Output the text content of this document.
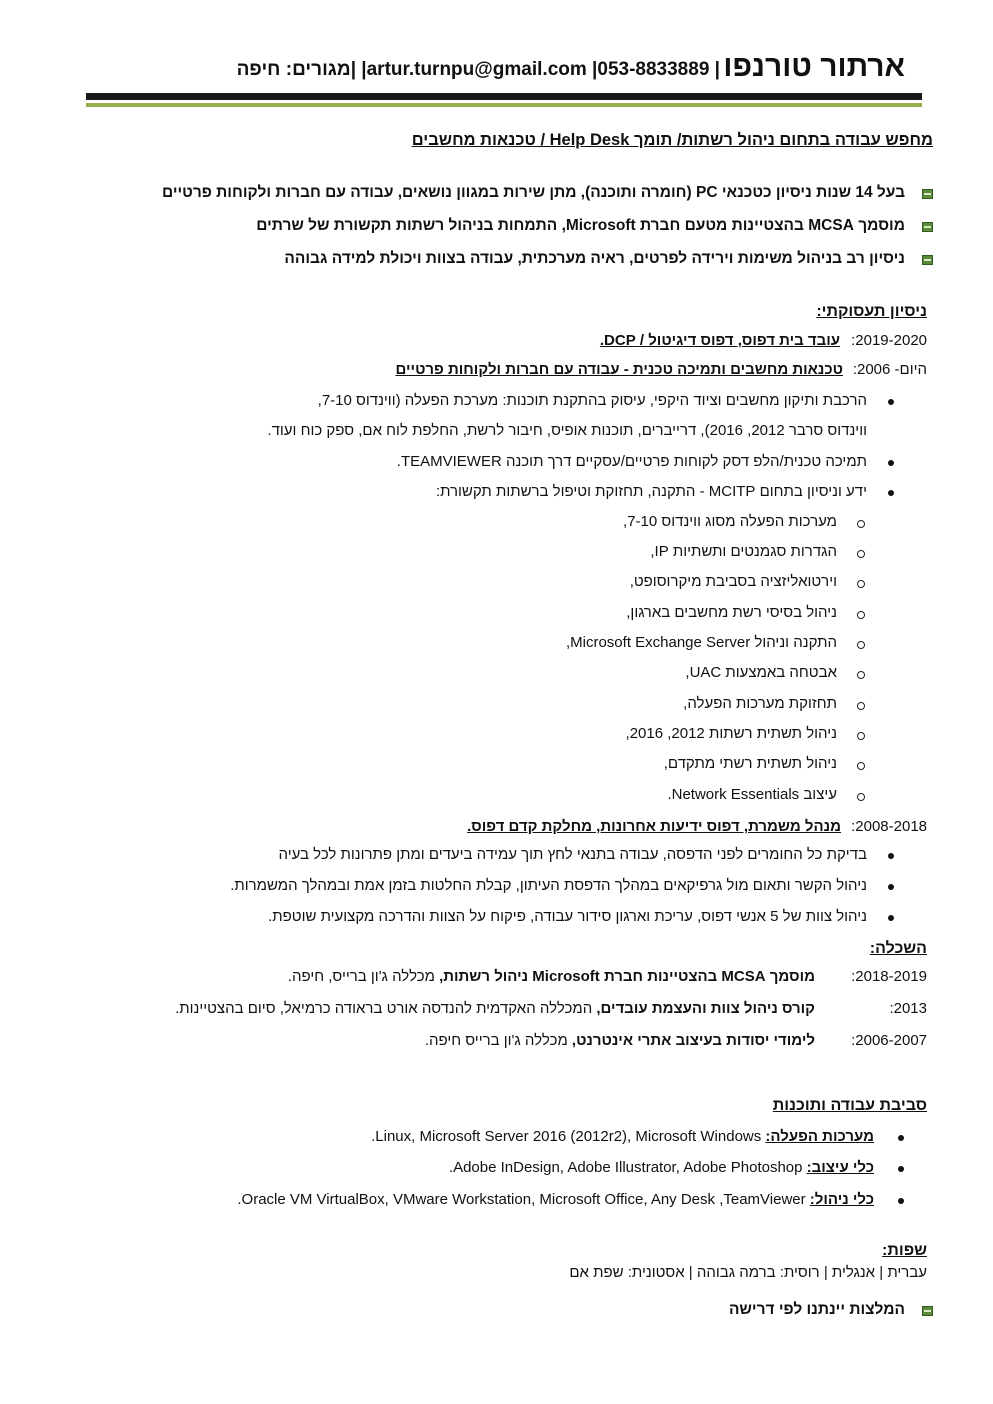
ארתור טורנפו
| 053-8833889| artur.turnpu@gmail.com| |מגורים: חיפה
מחפש עבודה בתחום ניהול רשתות/ תומך Help Desk / טכנאות מחשבים
בעל 14 שנות ניסיון כטכנאי PC (חומרה ותוכנה), מתן שירות במגוון נושאים, עבודה עם חברות ולקוחות פרטיים
מוסמך MCSA בהצטיינות מטעם חברת Microsoft, התמחות בניהול רשתות תקשורת של שרתים
ניסיון רב בניהול משימות וירידה לפרטים, ראיה מערכתית, עבודה בצוות ויכולת למידה גבוהה
ניסיון תעסוקתי:
2019-2020:
עובד בית דפוס, דפוס דיגיטול / DCP.
היום- 2006:
טכנאות מחשבים ותמיכה טכנית - עבודה עם חברות ולקוחות פרטיים
הרכבת ותיקון מחשבים וציוד היקפי, עיסוק בהתקנת תוכנות: מערכת הפעלה (ווינדוס 7-10,
ווינדוס סרבר 2012, 2016), דרייברים, תוכנות אופיס, חיבור לרשת, החלפת לוח אם, ספק כוח ועוד.
תמיכה טכנית/הלפ דסק לקוחות פרטיים/עסקיים דרך תוכנה TEAMVIEWER.
ידע וניסיון בתחום MCITP - התקנה, תחזוקת וטיפול ברשתות תקשורת:
מערכות הפעלה מסוג ווינדוס 7-10,
הגדרות סגמנטים ותשתיות IP,
וירטואליזציה בסביבת מיקרוסופט,
ניהול בסיסי רשת מחשבים בארגון,
התקנה וניהול Microsoft Exchange Server,
אבטחה באמצעות UAC,
תחזוקת מערכות הפעלה,
ניהול תשתית רשתות 2012, 2016,
ניהול תשתית רשתי מתקדם,
עיצוב Network Essentials.
2008-2018:
מנהל משמרת, דפוס ידיעות אחרונות, מחלקת קדם דפוס.
בדיקת כל החומרים לפני הדפסה, עבודה בתנאי לחץ תוך עמידה ביעדים ומתן פתרונות לכל בעיה
ניהול הקשר ותאום מול גרפיקאים במהלך הדפסת העיתון, קבלת החלטות בזמן אמת ובמהלך המשמרות.
ניהול צוות של 5 אנשי דפוס, עריכת וארגון סידור עבודה, פיקוח על הצוות והדרכה מקצועית שוטפת.
השכלה:
2018-2019:
מוסמך MCSA בהצטיינות חברת Microsoft ניהול רשתות, מכללה ג'ון ברייס, חיפה.
2013:
קורס ניהול צוות והעצמת עובדים, המכללה האקדמית להנדסה אורט בראודה כרמיאל, סיום בהצטיינות.
2006-2007:
לימודי יסודות בעיצוב אתרי אינטרנט, מכללה ג'ון ברייס חיפה.
סביבת עבודה ותוכנות
מערכות הפעלה: Linux, Microsoft Server 2016 (2012r2), Microsoft Windows.
כלי עיצוב: Adobe InDesign, Adobe Illustrator, Adobe Photoshop.
כלי ניהול: Oracle VM VirtualBox, VMware Workstation, Microsoft Office, Any Desk ,TeamViewer.
שפות:
עברית | אנגלית | רוסית: ברמה גבוהה | אסטונית: שפת אם
המלצות יינתנו לפי דרישה
